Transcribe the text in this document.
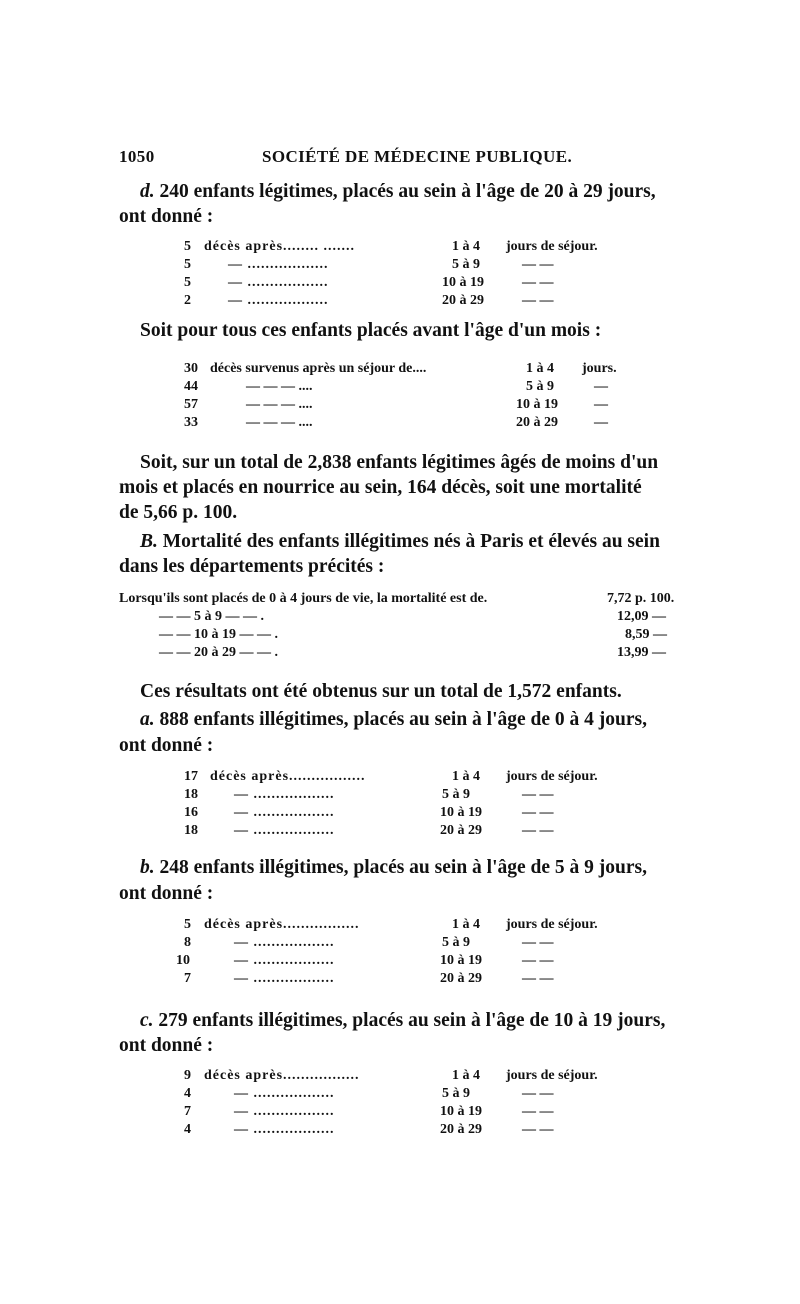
1050	SOCIÉTÉ DE MÉDECINE PUBLIQUE.
d. 240 enfants légitimes, placés au sein à l'âge de 20 à 29 jours,
ont donné :
5 décès après........ .......	1 à 4 jours de séjour.
5	— ..................	5 à 9	— —
5	— ..................	10 à 19	— —
2	— ..................	20 à 29	— —
Soit pour tous ces enfants placés avant l'âge d'un mois :
30 décès survenus après un séjour de....	1 à 4 jours.
44	— — — ....	5 à 9	—
57	— — — ....	10 à 19	—
33	— — — ....	20 à 29	—
Soit, sur un total de 2,838 enfants légitimes âgés de moins d'un
mois et placés en nourrice au sein, 164 décès, soit une mortalité
de 5,66 p. 100.
B. Mortalité des enfants illégitimes nés à Paris et élevés au sein
dans les départements précités :
Lorsqu'ils sont placés de 0 à 4 jours de vie, la mortalité est de.	7,72 p. 100.
— — 5 à 9 — — .	12,09 —
— — 10 à 19 — — .	8,59 —
— — 20 à 29 — — .	13,99 —
Ces résultats ont été obtenus sur un total de 1,572 enfants.
a. 888 enfants illégitimes, placés au sein à l'âge de 0 à 4 jours,
ont donné :
17 décès après.................	1 à 4 jours de séjour.
18	— ..................	5 à 9	— —
16	— ..................	10 à 19	— —
18	— ..................	20 à 29	— —
b. 248 enfants illégitimes, placés au sein à l'âge de 5 à 9 jours,
ont donné :
5 décès après.................	1 à 4 jours de séjour.
8	— ..................	5 à 9	— —
10	— ..................	10 à 19	— —
7	— ..................	20 à 29	— —
c. 279 enfants illégitimes, placés au sein à l'âge de 10 à 19 jours,
ont donné :
9 décès après.................	1 à 4 jours de séjour.
4	— ..................	5 à 9	— —
7	— ..................	10 à 19	— —
4	— ..................	20 à 29	— —
